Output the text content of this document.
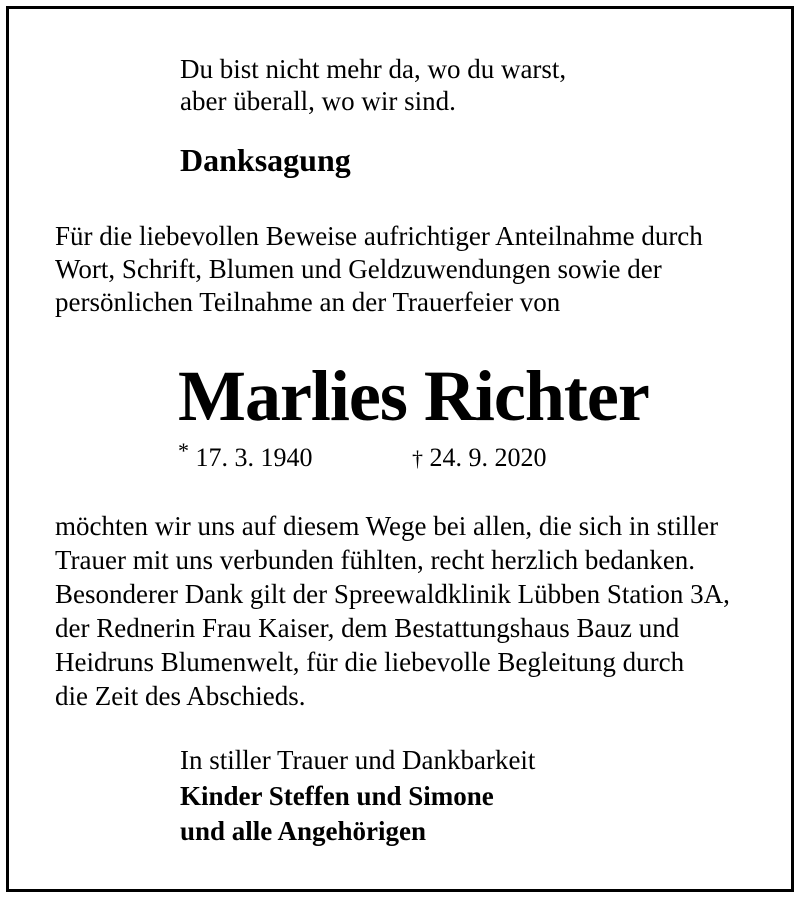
Du bist nicht mehr da, wo du warst,
aber überall, wo wir sind.
Danksagung
Für die liebevollen Beweise aufrichtiger Anteilnahme durch
Wort, Schrift, Blumen und Geldzuwendungen sowie der
persönlichen Teilnahme an der Trauerfeier von
Marlies Richter
* 17. 3. 1940	† 24. 9. 2020
möchten wir uns auf diesem Wege bei allen, die sich in stiller
Trauer mit uns verbunden fühlten, recht herzlich bedanken.
Besonderer Dank gilt der Spreewaldklinik Lübben Station 3A,
der Rednerin Frau Kaiser, dem Bestattungshaus Bauz und
Heidruns Blumenwelt, für die liebevolle Begleitung durch
die Zeit des Abschieds.
In stiller Trauer und Dankbarkeit
Kinder Steffen und Simone
und alle Angehörigen
